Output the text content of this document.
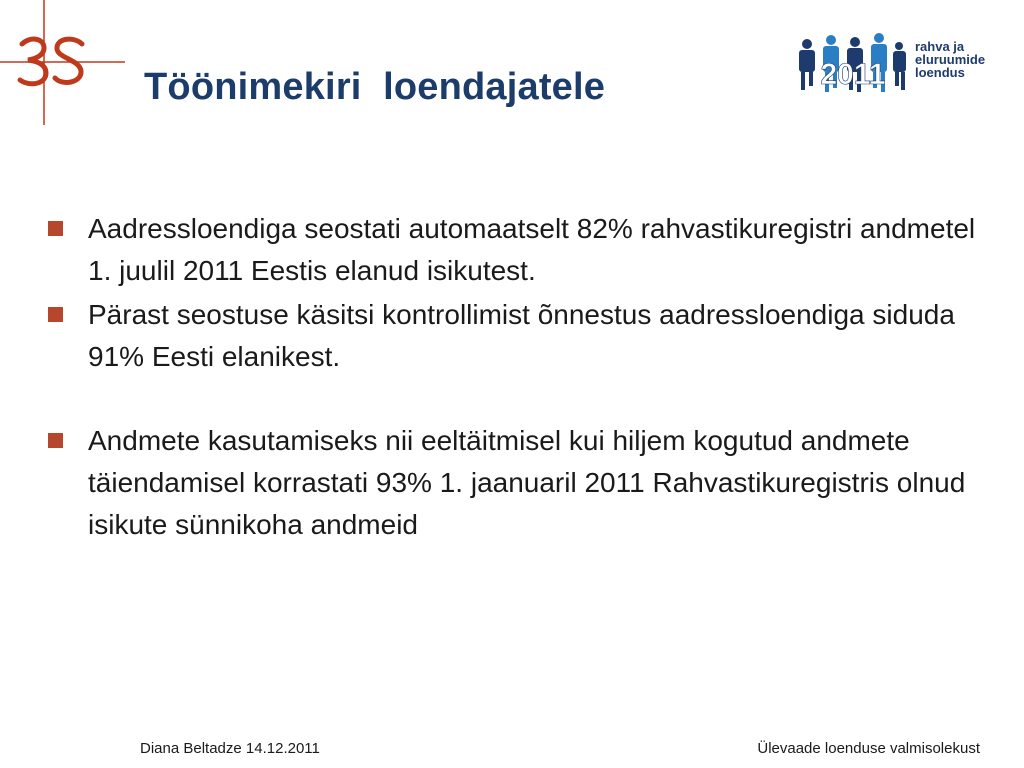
Töönimekiri  loendajatele	2011
rahva ja
eluruumide
loendus
Aadressloendiga seostati automaatselt 82% rahvastikuregistri andmetel 1. juulil 2011 Eestis elanud isikutest.
Pärast seostuse käsitsi kontrollimist õnnestus aadressloendiga siduda 91% Eesti elanikest.
Andmete kasutamiseks nii eeltäitmisel kui hiljem kogutud andmete täiendamisel korrastati 93% 1. jaanuaril 2011 Rahvastikuregistris olnud isikute sünnikoha andmeid
Diana Beltadze 14.12.2011	Ülevaade loenduse valmisolekust
